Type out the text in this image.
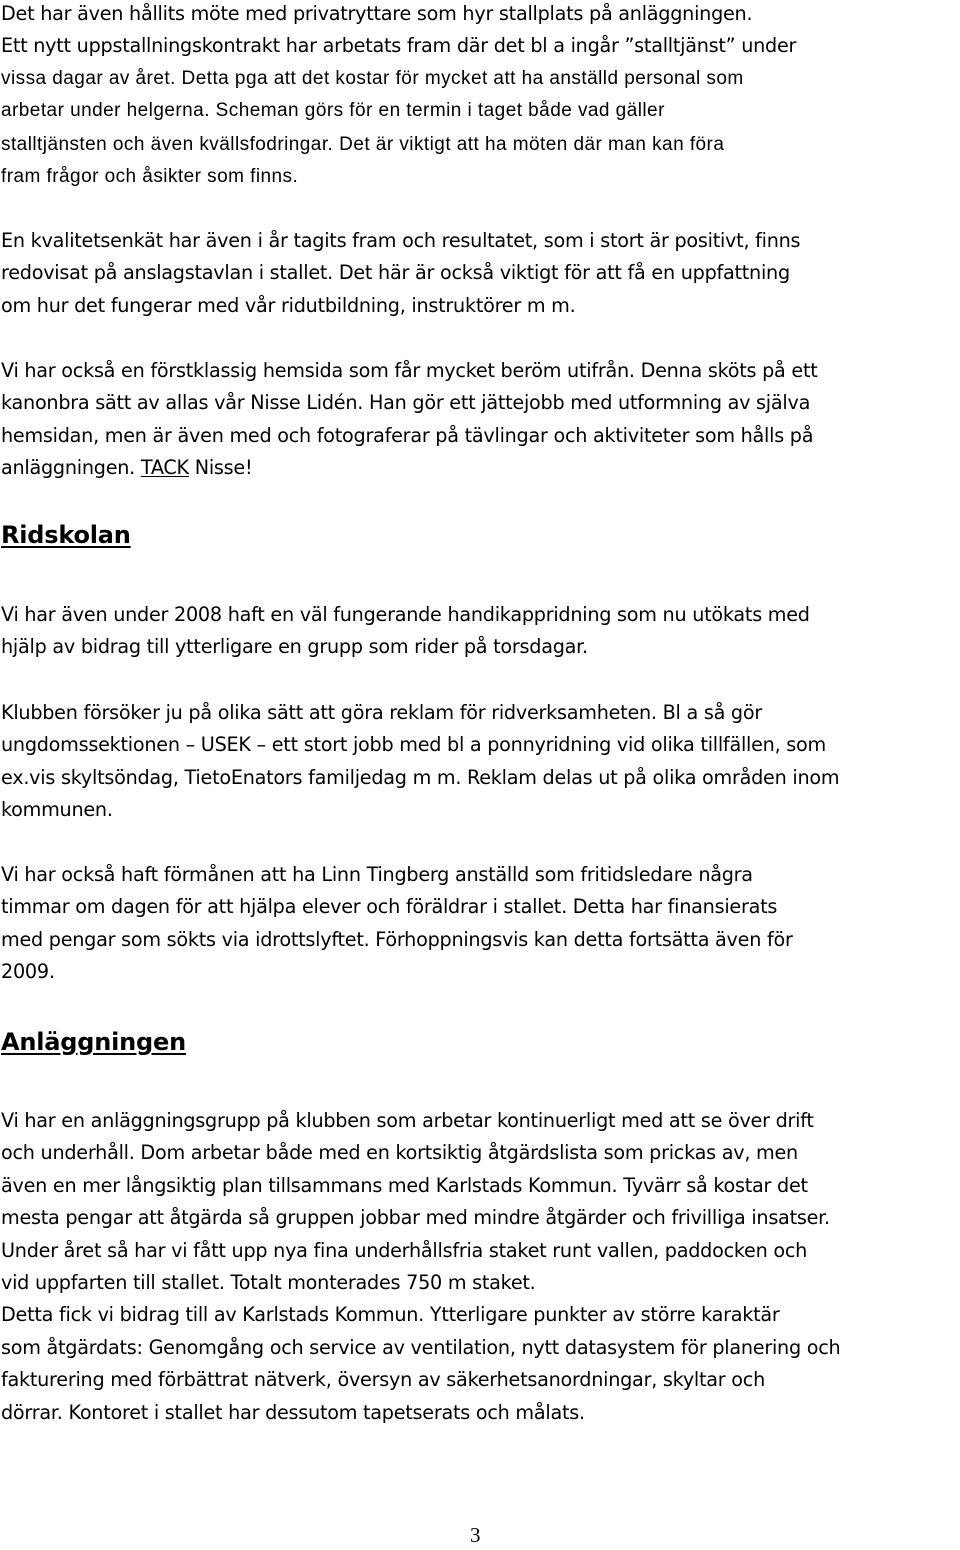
Det har även hållits möte med privatryttare som hyr stallplats på anläggningen.
Ett nytt uppstallningskontrakt har arbetats fram där det bl a ingår ”stalltjänst” under
vissa dagar av året. Detta pga att det kostar för mycket att ha anställd personal som
arbetar under helgerna. Scheman görs för en termin i taget både vad gäller
stalltjänsten och även kvällsfodringar. Det är viktigt att ha möten där man kan föra
fram frågor och åsikter som finns.
En kvalitetsenkät har även i år tagits fram och resultatet, som i stort är positivt, finns
redovisat på anslagstavlan i stallet. Det här är också viktigt för att få en uppfattning
om hur det fungerar med vår ridutbildning, instruktörer m m.
Vi har också en förstklassig hemsida som får mycket beröm utifrån. Denna sköts på ett
kanonbra sätt av allas vår Nisse Lidén. Han gör ett jättejobb med utformning av själva
hemsidan, men är även med och fotograferar på tävlingar och aktiviteter som hålls på
anläggningen. TACK Nisse!
Ridskolan
Vi har även under 2008 haft en väl fungerande handikappridning som nu utökats med
hjälp av bidrag till ytterligare en grupp som rider på torsdagar.
Klubben försöker ju på olika sätt att göra reklam för ridverksamheten. Bl a så gör
ungdomssektionen – USEK – ett stort jobb med bl a ponnyridning vid olika tillfällen, som
ex.vis skyltsöndag, TietoEnators familjedag m m. Reklam delas ut på olika områden inom
kommunen.
Vi har också haft förmånen att ha Linn Tingberg anställd som fritidsledare några
timmar om dagen för att hjälpa elever och föräldrar i stallet. Detta har finansierats
med pengar som sökts via idrottslyftet. Förhoppningsvis kan detta fortsätta även för
2009.
Anläggningen
Vi har en anläggningsgrupp på klubben som arbetar kontinuerligt med att se över drift
och underhåll. Dom arbetar både med en kortsiktig åtgärdslista som prickas av, men
även en mer långsiktig plan tillsammans med Karlstads Kommun. Tyvärr så kostar det
mesta pengar att åtgärda så gruppen jobbar med mindre åtgärder och frivilliga insatser.
Under året så har vi fått upp nya fina underhållsfria staket runt vallen, paddocken och
vid uppfarten till stallet. Totalt monterades 750 m staket.
Detta fick vi bidrag till av Karlstads Kommun. Ytterligare punkter av större karaktär
som åtgärdats: Genomgång och service av ventilation, nytt datasystem för planering och
fakturering med förbättrat nätverk, översyn av säkerhetsanordningar, skyltar och
dörrar. Kontoret i stallet har dessutom tapetserats och målats.
3
